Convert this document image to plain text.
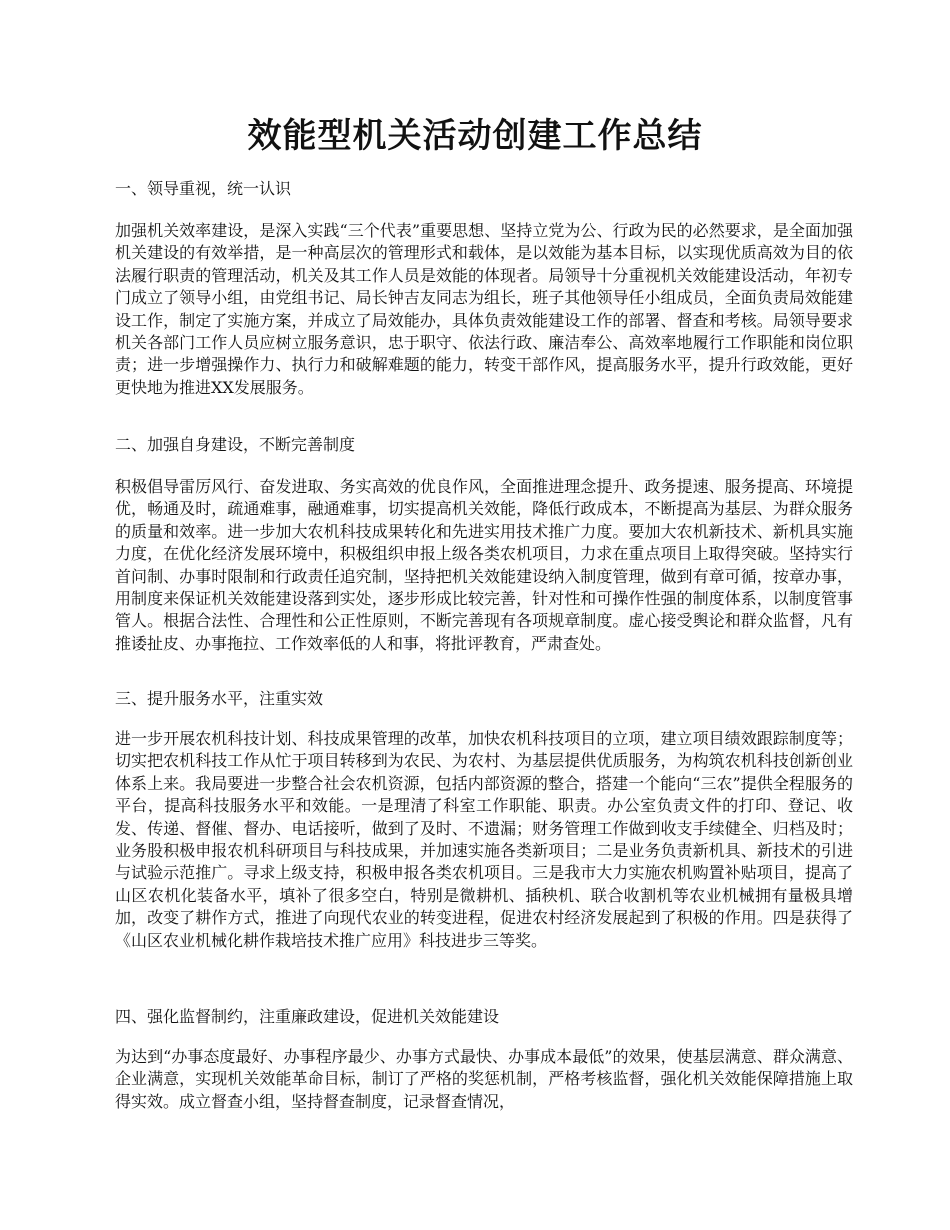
效能型机关活动创建工作总结

一、领导重视，统一认识

加强机关效率建设，是深入实践“三个代表”重要思想、坚持立党为公、行政为民的必然要求，是全面加强机关建设的有效举措，是一种高层次的管理形式和载体，是以效能为基本目标，以实现优质高效为目的依法履行职责的管理活动，机关及其工作人员是效能的体现者。局领导十分重视机关效能建设活动，年初专门成立了领导小组，由党组书记、局长钟吉友同志为组长，班子其他领导任小组成员，全面负责局效能建设工作，制定了实施方案，并成立了局效能办，具体负责效能建设工作的部署、督查和考核。局领导要求机关各部门工作人员应树立服务意识，忠于职守、依法行政、廉洁奉公、高效率地履行工作职能和岗位职责；进一步增强操作力、执行力和破解难题的能力，转变干部作风，提高服务水平，提升行政效能，更好更快地为推进XX发展服务。

二、加强自身建设，不断完善制度

积极倡导雷厉风行、奋发进取、务实高效的优良作风，全面推进理念提升、政务提速、服务提高、环境提优，畅通及时，疏通难事，融通难事，切实提高机关效能，降低行政成本，不断提高为基层、为群众服务的质量和效率。进一步加大农机科技成果转化和先进实用技术推广力度。要加大农机新技术、新机具实施力度，在优化经济发展环境中，积极组织申报上级各类农机项目，力求在重点项目上取得突破。坚持实行首问制、办事时限制和行政责任追究制，坚持把机关效能建设纳入制度管理，做到有章可循，按章办事，用制度来保证机关效能建设落到实处，逐步形成比较完善，针对性和可操作性强的制度体系，以制度管事管人。根据合法性、合理性和公正性原则，不断完善现有各项规章制度。虚心接受舆论和群众监督，凡有推诿扯皮、办事拖拉、工作效率低的人和事，将批评教育，严肃查处。

三、提升服务水平，注重实效

进一步开展农机科技计划、科技成果管理的改革，加快农机科技项目的立项，建立项目绩效跟踪制度等；切实把农机科技工作从忙于项目转移到为农民、为农村、为基层提供优质服务，为构筑农机科技创新创业体系上来。我局要进一步整合社会农机资源，包括内部资源的整合，搭建一个能向“三农”提供全程服务的平台，提高科技服务水平和效能。一是理清了科室工作职能、职责。办公室负责文件的打印、登记、收发、传递、督催、督办、电话接听，做到了及时、不遗漏；财务管理工作做到收支手续健全、归档及时；业务股积极申报农机科研项目与科技成果，并加速实施各类新项目；二是业务负责新机具、新技术的引进与试验示范推广。寻求上级支持，积极申报各类农机项目。三是我市大力实施农机购置补贴项目，提高了山区农机化装备水平，填补了很多空白，特别是微耕机、插秧机、联合收割机等农业机械拥有量极具增加，改变了耕作方式，推进了向现代农业的转变进程，促进农村经济发展起到了积极的作用。四是获得了《山区农业机械化耕作栽培技术推广应用》科技进步三等奖。

四、强化监督制约，注重廉政建设，促进机关效能建设

为达到“办事态度最好、办事程序最少、办事方式最快、办事成本最低”的效果，使基层满意、群众满意、企业满意，实现机关效能革命目标，制订了严格的奖惩机制，严格考核监督，强化机关效能保障措施上取得实效。成立督查小组，坚持督查制度，记录督查情况，
